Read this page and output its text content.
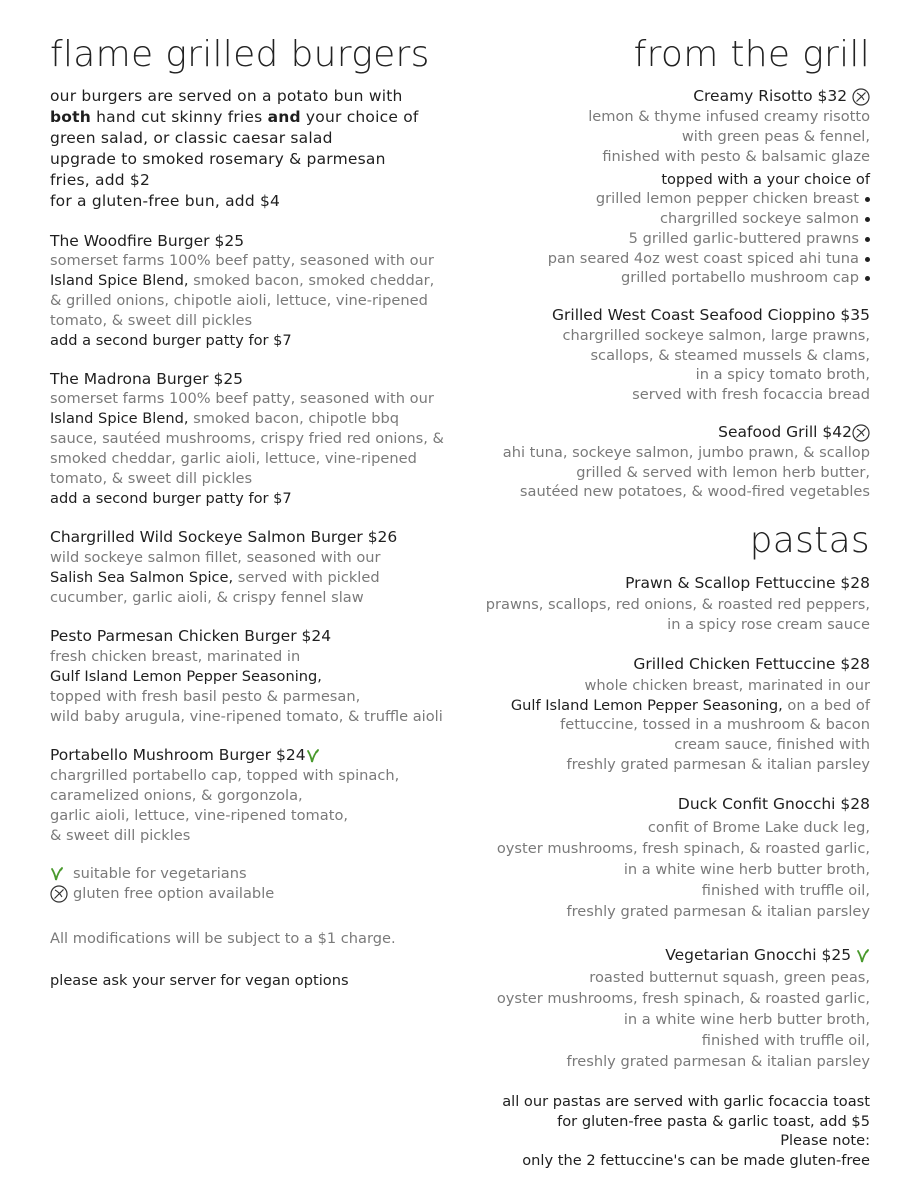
flame grilled burgers
our burgers are served on a potato bun with
both hand cut skinny fries and your choice of
green salad, or classic caesar salad
upgrade to smoked rosemary & parmesan
fries, add $2
for a gluten-free bun, add $4
The Woodfire Burger $25
somerset farms 100% beef patty, seasoned with our
Island Spice Blend, smoked bacon, smoked cheddar,
& grilled onions, chipotle aioli, lettuce, vine-ripened
tomato, & sweet dill pickles
add a second burger patty for $7
The Madrona Burger $25
somerset farms 100% beef patty, seasoned with our
Island Spice Blend, smoked bacon, chipotle bbq
sauce, sautéed mushrooms, crispy fried red onions, &
smoked cheddar, garlic aioli, lettuce, vine-ripened
tomato, & sweet dill pickles
add a second burger patty for $7
Chargrilled Wild Sockeye Salmon Burger $26
wild sockeye salmon fillet, seasoned with our
Salish Sea Salmon Spice, served with pickled
cucumber, garlic aioli, & crispy fennel slaw
Pesto Parmesan Chicken Burger $24
fresh chicken breast, marinated in
Gulf Island Lemon Pepper Seasoning,
topped with fresh basil pesto & parmesan,
wild baby arugula, vine-ripened tomato, & truffle aioli
Portabello Mushroom Burger $24
chargrilled portabello cap, topped with spinach,
caramelized onions, & gorgonzola,
garlic aioli, lettuce, vine-ripened tomato,
& sweet dill pickles
suitable for vegetarians
gluten free option available
All modifications will be subject to a $1 charge.
please ask your server for vegan options
from the grill
Creamy Risotto $32
lemon & thyme infused creamy risotto
with green peas & fennel,
finished with pesto & balsamic glaze
topped with a your choice of
grilled lemon pepper chicken breast
chargrilled sockeye salmon
5 grilled garlic-buttered prawns
pan seared 4oz west coast spiced ahi tuna
grilled portabello mushroom cap
Grilled West Coast Seafood Cioppino $35
chargrilled sockeye salmon, large prawns,
scallops, & steamed mussels & clams,
in a spicy tomato broth,
served with fresh focaccia bread
Seafood Grill $42
ahi tuna, sockeye salmon, jumbo prawn, & scallop
grilled & served with lemon herb butter,
sautéed new potatoes, & wood-fired vegetables
pastas
Prawn & Scallop Fettuccine $28
prawns, scallops, red onions, & roasted red peppers,
in a spicy rose cream sauce
Grilled Chicken Fettuccine $28
whole chicken breast, marinated in our
Gulf Island Lemon Pepper Seasoning, on a bed of
fettuccine, tossed in a mushroom & bacon
cream sauce, finished with
freshly grated parmesan & italian parsley
Duck Confit Gnocchi $28
confit of Brome Lake duck leg,
oyster mushrooms, fresh spinach, & roasted garlic,
in a white wine herb butter broth,
finished with truffle oil,
freshly grated parmesan & italian parsley
Vegetarian Gnocchi $25
roasted butternut squash, green peas,
oyster mushrooms, fresh spinach, & roasted garlic,
in a white wine herb butter broth,
finished with truffle oil,
freshly grated parmesan & italian parsley
all our pastas are served with garlic focaccia toast
for gluten-free pasta & garlic toast, add $5
Please note:
only the 2 fettuccine's can be made gluten-free
